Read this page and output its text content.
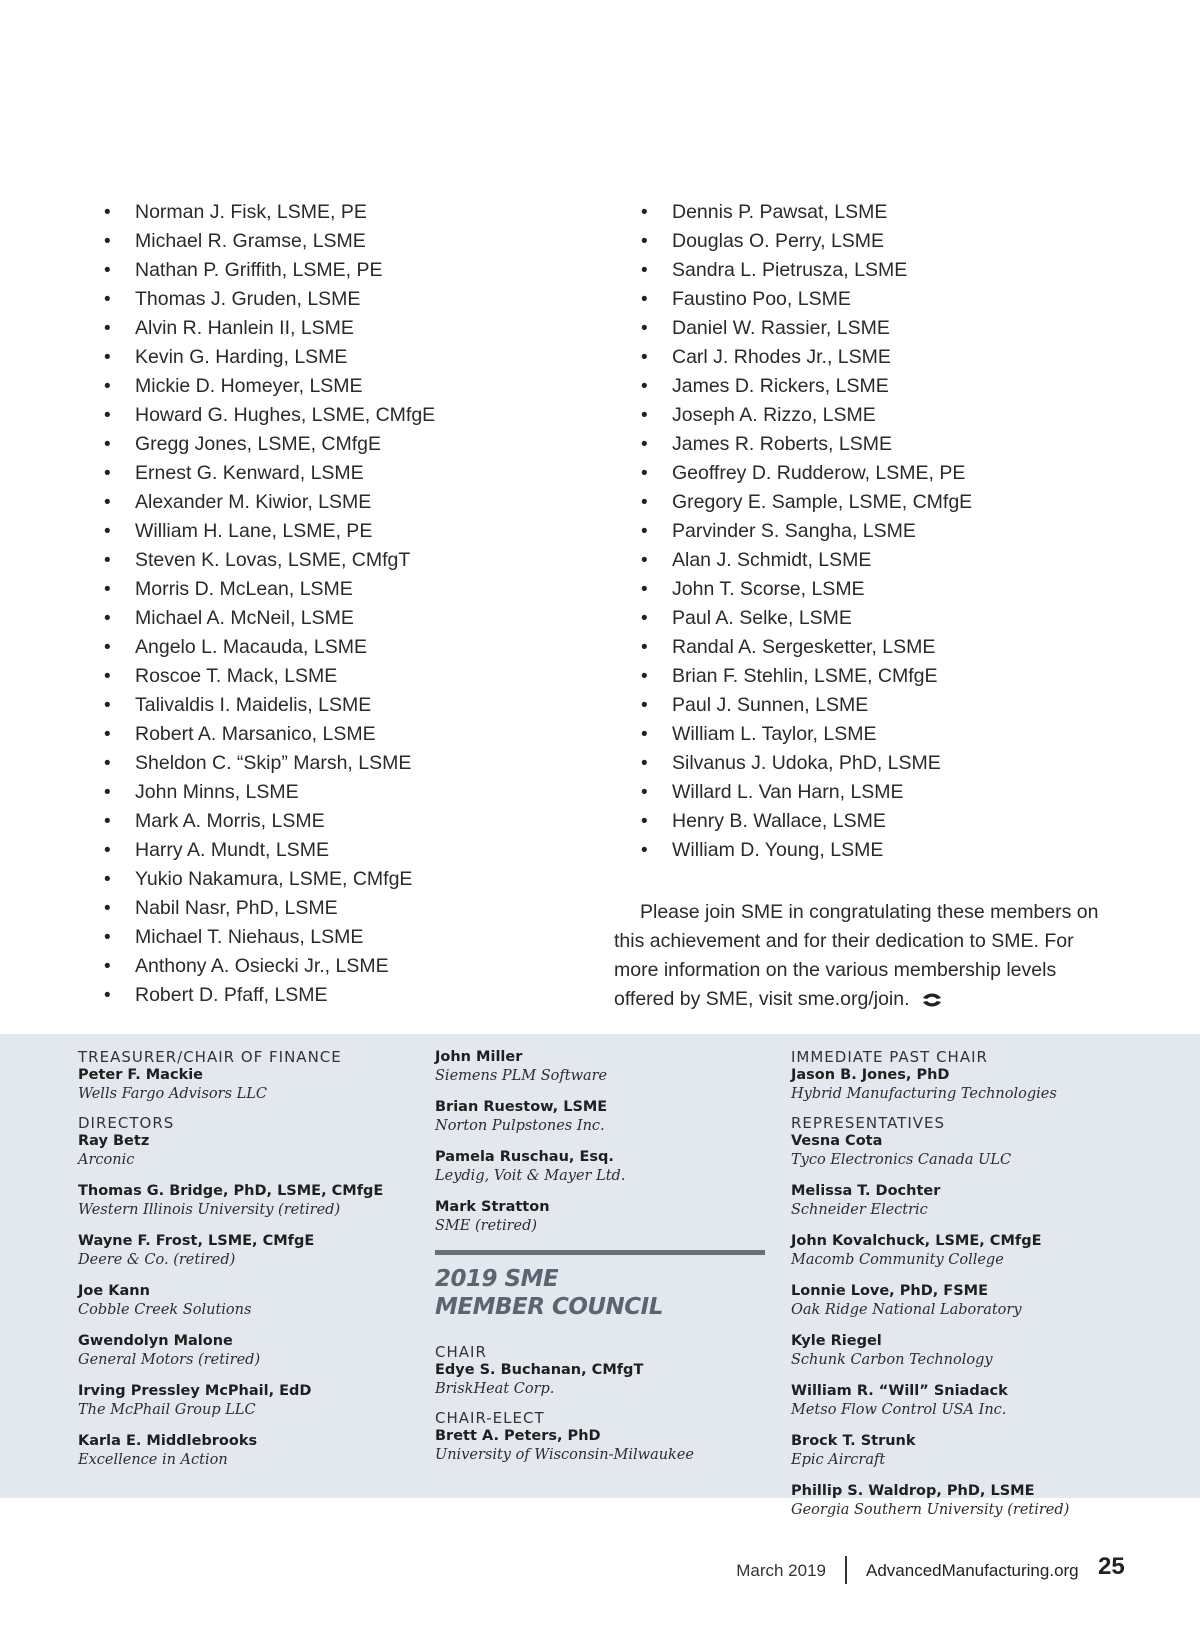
• Norman J. Fisk, LSME, PE
• Michael R. Gramse, LSME
• Nathan P. Griffith, LSME, PE
• Thomas J. Gruden, LSME
• Alvin R. Hanlein II, LSME
• Kevin G. Harding, LSME
• Mickie D. Homeyer, LSME
• Howard G. Hughes, LSME, CMfgE
• Gregg Jones, LSME, CMfgE
• Ernest G. Kenward, LSME
• Alexander M. Kiwior, LSME
• William H. Lane, LSME, PE
• Steven K. Lovas, LSME, CMfgT
• Morris D. McLean, LSME
• Michael A. McNeil, LSME
• Angelo L. Macauda, LSME
• Roscoe T. Mack, LSME
• Talivaldis I. Maidelis, LSME
• Robert A. Marsanico, LSME
• Sheldon C. “Skip” Marsh, LSME
• John Minns, LSME
• Mark A. Morris, LSME
• Harry A. Mundt, LSME
• Yukio Nakamura, LSME, CMfgE
• Nabil Nasr, PhD, LSME
• Michael T. Niehaus, LSME
• Anthony A. Osiecki Jr., LSME
• Robert D. Pfaff, LSME
• Dennis P. Pawsat, LSME
• Douglas O. Perry, LSME
• Sandra L. Pietrusza, LSME
• Faustino Poo, LSME
• Daniel W. Rassier, LSME
• Carl J. Rhodes Jr., LSME
• James D. Rickers, LSME
• Joseph A. Rizzo, LSME
• James R. Roberts, LSME
• Geoffrey D. Rudderow, LSME, PE
• Gregory E. Sample, LSME, CMfgE
• Parvinder S. Sangha, LSME
• Alan J. Schmidt, LSME
• John T. Scorse, LSME
• Paul A. Selke, LSME
• Randal A. Sergesketter, LSME
• Brian F. Stehlin, LSME, CMfgE
• Paul J. Sunnen, LSME
• William L. Taylor, LSME
• Silvanus J. Udoka, PhD, LSME
• Willard L. Van Harn, LSME
• Henry B. Wallace, LSME
• William D. Young, LSME
Please join SME in congratulating these members on this achievement and for their dedication to SME. For more information on the various membership levels offered by SME, visit sme.org/join.
TREASURER/CHAIR OF FINANCE
Peter F. Mackie
Wells Fargo Advisors LLC
DIRECTORS
Ray Betz
Arconic
Thomas G. Bridge, PhD, LSME, CMfgE
Western Illinois University (retired)
Wayne F. Frost, LSME, CMfgE
Deere & Co. (retired)
Joe Kann
Cobble Creek Solutions
Gwendolyn Malone
General Motors (retired)
Irving Pressley McPhail, EdD
The McPhail Group LLC
Karla E. Middlebrooks
Excellence in Action
John Miller
Siemens PLM Software
Brian Ruestow, LSME
Norton Pulpstones Inc.
Pamela Ruschau, Esq.
Leydig, Voit & Mayer Ltd.
Mark Stratton
SME (retired)
2019 SME
MEMBER COUNCIL
CHAIR
Edye S. Buchanan, CMfgT
BriskHeat Corp.
CHAIR-ELECT
Brett A. Peters, PhD
University of Wisconsin-Milwaukee
IMMEDIATE PAST CHAIR
Jason B. Jones, PhD
Hybrid Manufacturing Technologies
REPRESENTATIVES
Vesna Cota
Tyco Electronics Canada ULC
Melissa T. Dochter
Schneider Electric
John Kovalchuck, LSME, CMfgE
Macomb Community College
Lonnie Love, PhD, FSME
Oak Ridge National Laboratory
Kyle Riegel
Schunk Carbon Technology
William R. “Will” Sniadack
Metso Flow Control USA Inc.
Brock T. Strunk
Epic Aircraft
Phillip S. Waldrop, PhD, LSME
Georgia Southern University (retired)
March 2019 AdvancedManufacturing.org 25
